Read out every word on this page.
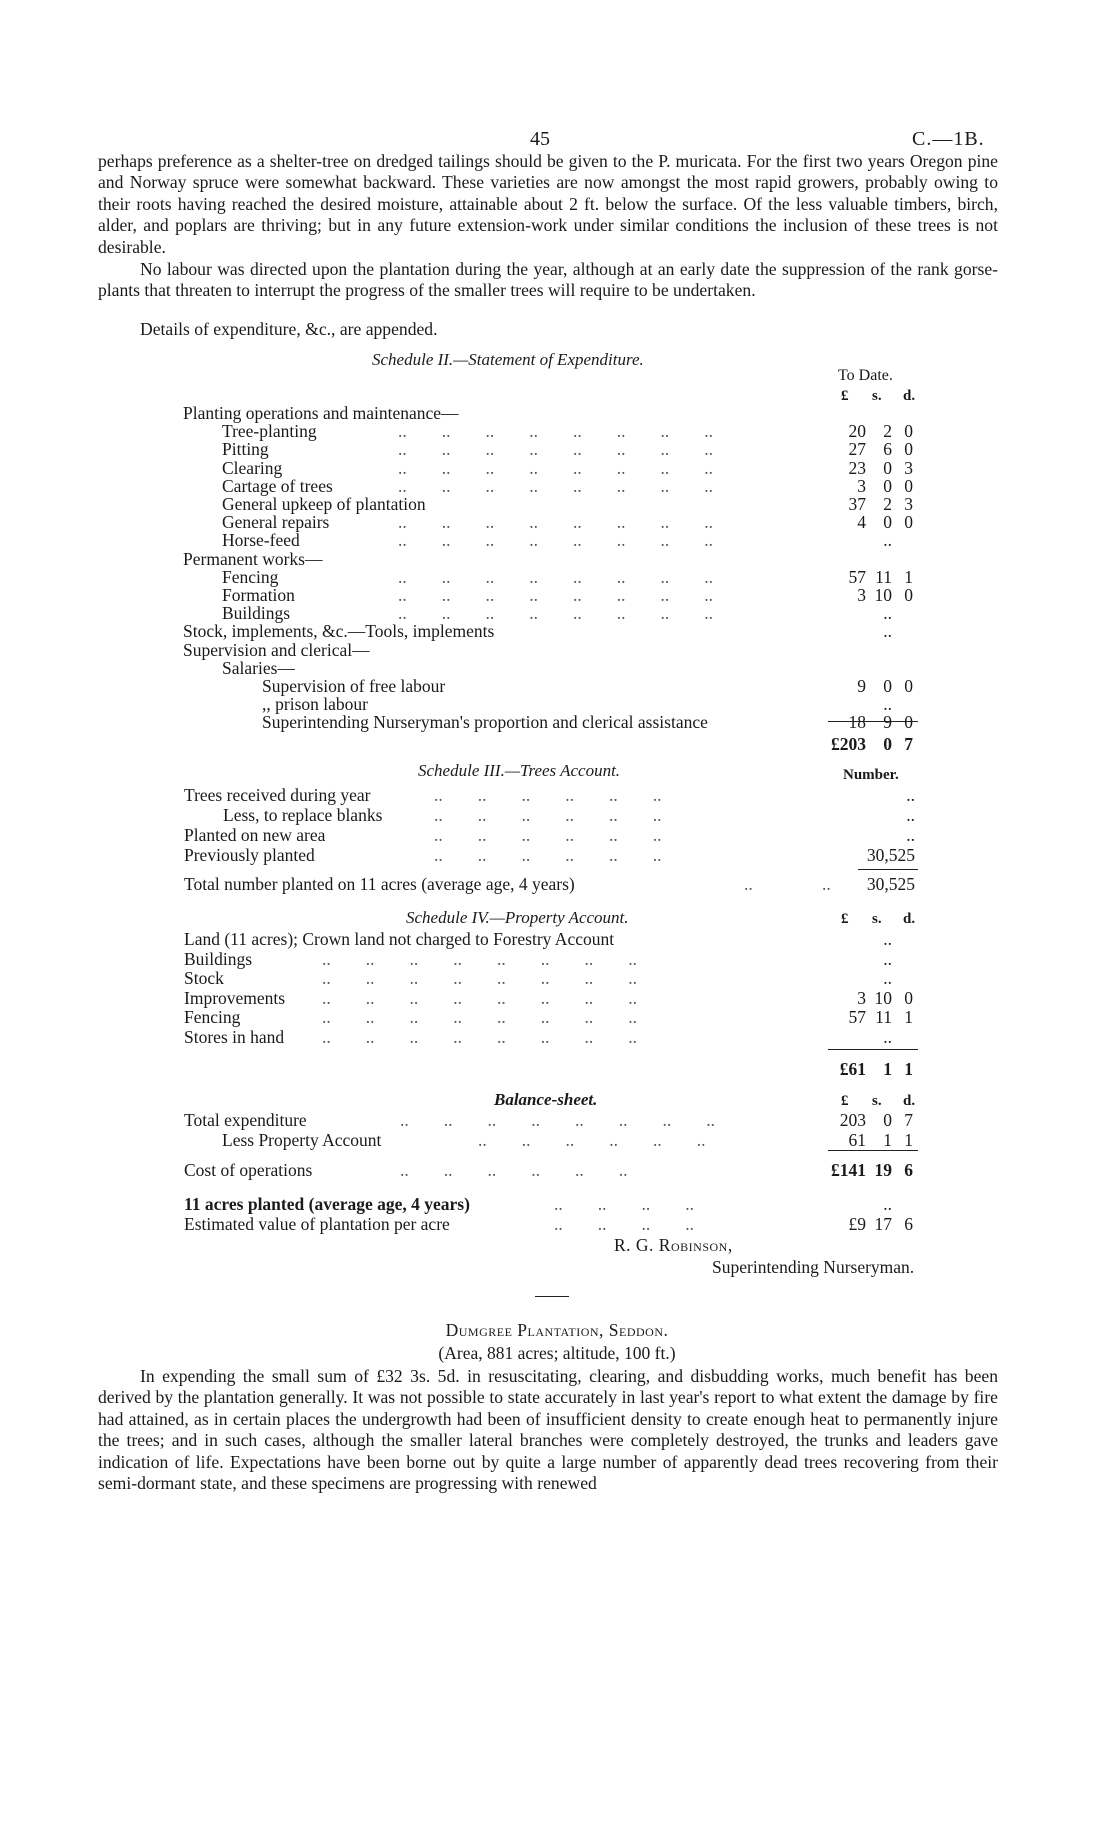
45	C.—1B.

perhaps preference as a shelter-tree on dredged tailings should be given to the P. muricata. For the first two years Oregon pine and Norway spruce were somewhat backward. These varieties are now amongst the most rapid growers, probably owing to their roots having reached the desired moisture, attainable about 2 ft. below the surface. Of the less valuable timbers, birch, alder, and poplars are thriving; but in any future extension-work under similar conditions the inclusion of these trees is not desirable.

No labour was directed upon the plantation during the year, although at an early date the suppression of the rank gorse-plants that threaten to interrupt the progress of the smaller trees will require to be undertaken.

Details of expenditure, &c., are appended.

Schedule II.—Statement of Expenditure.
To Date.
£ s. d.
Planting operations and maintenance—
Tree-planting	..        ..        ..        ..        ..        ..        ..        ..	20 2 0
Pitting	..        ..        ..        ..        ..        ..        ..        ..	27 6 0
Clearing	..        ..        ..        ..        ..        ..        ..        ..	23 0 3
Cartage of trees	..        ..        ..        ..        ..        ..        ..        ..	3 0 0
General upkeep of plantation	37 2 3
General repairs	..        ..        ..        ..        ..        ..        ..        ..	4 0 0
Horse-feed	..        ..        ..        ..        ..        ..        ..        ..	..
Permanent works—
Fencing	..        ..        ..        ..        ..        ..        ..        ..	57 11 1
Formation	..        ..        ..        ..        ..        ..        ..        ..	3 10 0
Buildings	..        ..        ..        ..        ..        ..        ..        ..	..
Stock, implements, &c.—Tools, implements	..
Supervision and clerical—
Salaries—
Supervision of free labour	9 0 0
,, prison labour	..
Superintending Nurseryman's proportion and clerical assistance	18 9 0
£203 0 7
Schedule III.—Trees Account.	Number.
Trees received during year	..        ..        ..        ..        ..        ..	..
Less, to replace blanks	..        ..        ..        ..        ..        ..	..
Planted on new area	..        ..        ..        ..        ..        ..	..
Previously planted	..        ..        ..        ..        ..        ..	30,525
Total number planted on 11 acres (average age, 4 years)	..	.. 30,525
Schedule IV.—Property Account.	£ s. d.
Land (11 acres); Crown land not charged to Forestry Account	..
Buildings	..        ..        ..        ..        ..        ..        ..        ..	..
Stock	..        ..        ..        ..        ..        ..        ..        ..	..
Improvements ..        ..        ..        ..        ..        ..        ..        ..	3 10 0
Fencing	..        ..        ..        ..        ..        ..        ..        ..	57 11 1
Stores in hand ..        ..        ..        ..        ..        ..        ..        ..	..
£61 1 1
Balance-sheet.	£ s. d.
Total expenditure	..        ..        ..        ..        ..        ..        ..        ..	203 0 7
Less Property Account	..        ..        ..        ..        ..        ..	61 1 1
Cost of operations	..        ..        ..        ..        ..        ..	£141 19 6
11 acres planted (average age, 4 years)	..        ..        ..        ..	..
Estimated value of plantation per acre	..        ..        ..        ..	£9 17 6
R. G. Robinson,
Superintending Nurseryman.
Dumgree Plantation, Seddon.
(Area, 881 acres; altitude, 100 ft.)

In expending the small sum of £32 3s. 5d. in resuscitating, clearing, and disbudding works, much benefit has been derived by the plantation generally. It was not possible to state accurately in last year's report to what extent the damage by fire had attained, as in certain places the undergrowth had been of insufficient density to create enough heat to permanently injure the trees; and in such cases, although the smaller lateral branches were completely destroyed, the trunks and leaders gave indication of life. Expectations have been borne out by quite a large number of apparently dead trees recovering from their semi-dormant state, and these specimens are progressing with renewed
